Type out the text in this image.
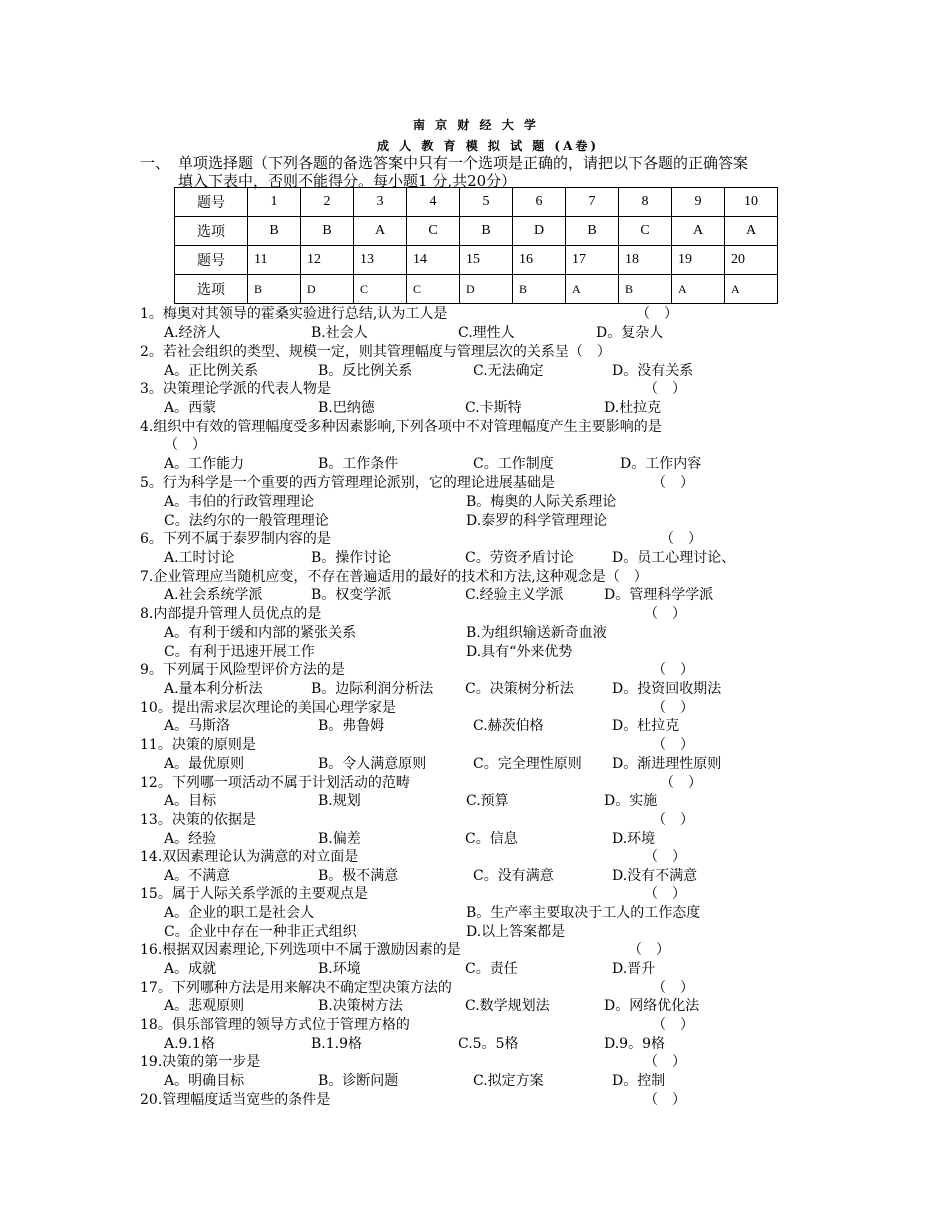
南 京 财 经 大 学
成 人 教 育 模 拟 试 题 (A卷)
一、 单项选择题（下列各题的备选答案中只有一个选项是正确的，请把以下各题的正确答案
填入下表中，否则不能得分。每小题1 分,共20分）
题号	1	2	3	4	5	6	7	8	9	10
选项	B	B	A	C	B	D	B	C	A	A
题号	11	12	13	14	15	16	17	18	19	20
选项	B	D	C	C	D	B	A	B	A	A
1。梅奥对其领导的霍桑实验进行总结,认为工人是	（　）
A.经济人	B.社会人	C.理性人	D。复杂人
2。若社会组织的类型、规模一定，则其管理幅度与管理层次的关系呈（　）
A。正比例关系	B。反比例关系	C.无法确定	D。没有关系
3。决策理论学派的代表人物是	（　）
A。西蒙	B.巴纳德	C.卡斯特	D.杜拉克
4.组织中有效的管理幅度受多种因素影响,下列各项中不对管理幅度产生主要影响的是
（　）
A。工作能力	B。工作条件	C。工作制度	D。工作内容
5。行为科学是一个重要的西方管理理论派别，它的理论进展基础是	（　）
A。韦伯的行政管理理论	B。梅奥的人际关系理论
C。法约尔的一般管理理论	D.泰罗的科学管理理论
6。下列不属于泰罗制内容的是	（　）
A.工时讨论	B。操作讨论	C。劳资矛盾讨论	D。员工心理讨论、
7.企业管理应当随机应变，不存在普遍适用的最好的技术和方法,这种观念是（　）
A.社会系统学派	B。权变学派	C.经验主义学派	D。管理科学学派
8.内部提升管理人员优点的是	（　）
A。有利于缓和内部的紧张关系	B.为组织输送新奇血液
C。有利于迅速开展工作	D.具有“外来优势
9。下列属于风险型评价方法的是	（　）
A.量本利分析法	B。边际利润分析法 C。决策树分析法	D。投资回收期法
10。提出需求层次理论的美国心理学家是	（　）
A。马斯洛	B。弗鲁姆	C.赫茨伯格	D。杜拉克
11。决策的原则是	（　）
A。最优原则	B。令人满意原则	C。完全理性原则 D。渐进理性原则
12。下列哪一项活动不属于计划活动的范畴	（　）
A。目标	B.规划	C.预算	D。实施
13。决策的依据是	（　）
A。经验	B.偏差	C。信息	D.环境
14.双因素理论认为满意的对立面是	（　）
A。不满意	B。极不满意	C。没有满意	D.没有不满意
15。属于人际关系学派的主要观点是	（　）
A。企业的职工是社会人	B。生产率主要取决于工人的工作态度
C。企业中存在一种非正式组织	D.以上答案都是
16.根据双因素理论,下列选项中不属于激励因素的是	（　）
A。成就	B.环境	C。责任	D.晋升
17。下列哪种方法是用来解决不确定型决策方法的	（　）
A。悲观原则	B.决策树方法	C.数学规划法	D。网络优化法
18。俱乐部管理的领导方式位于管理方格的	（　）
A.9.1格	B.1.9格	C.5。5格	D.9。9格
19.决策的第一步是	（　）
A。明确目标	B。诊断问题	C.拟定方案	D。控制
20.管理幅度适当宽些的条件是	（　）
